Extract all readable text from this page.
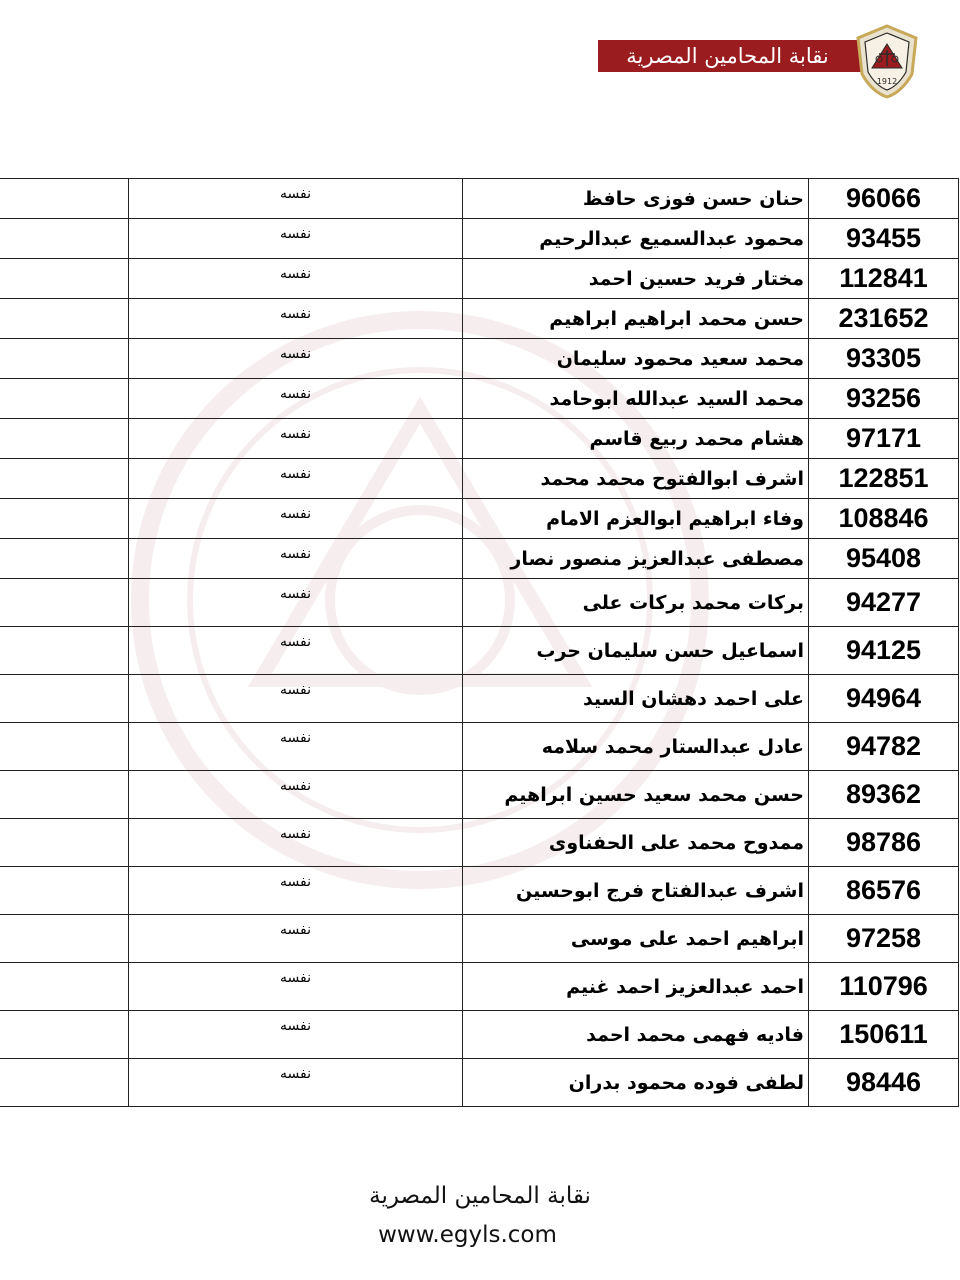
نقابة المحامين المصرية
1912
	نفسه	حنان حسن فوزى حافظ	96066
	نفسه	محمود عبدالسميع عبدالرحيم	93455
	نفسه	مختار فريد حسين احمد	112841
	نفسه	حسن محمد ابراهيم ابراهيم	231652
	نفسه	محمد سعيد محمود سليمان	93305
	نفسه	محمد السيد عبدالله ابوحامد	93256
	نفسه	هشام محمد ربيع قاسم	97171
	نفسه	اشرف ابوالفتوح محمد محمد	122851
	نفسه	وفاء ابراهيم ابوالعزم الامام	108846
	نفسه	مصطفى عبدالعزيز منصور نصار	95408
	نفسه	بركات محمد بركات على	94277
	نفسه	اسماعيل حسن سليمان حرب	94125
	نفسه	على احمد دهشان السيد	94964
	نفسه	عادل عبدالستار محمد سلامه	94782
	نفسه	حسن محمد سعيد حسين ابراهيم	89362
	نفسه	ممدوح محمد على الحفناوى	98786
	نفسه	اشرف عبدالفتاح فرج ابوحسين	86576
	نفسه	ابراهيم احمد على موسى	97258
	نفسه	احمد عبدالعزيز احمد غنيم	110796
	نفسه	فاديه فهمى محمد احمد	150611
	نفسه	لطفى فوده محمود بدران	98446
نقابة المحامين المصرية
www.egyls.com
